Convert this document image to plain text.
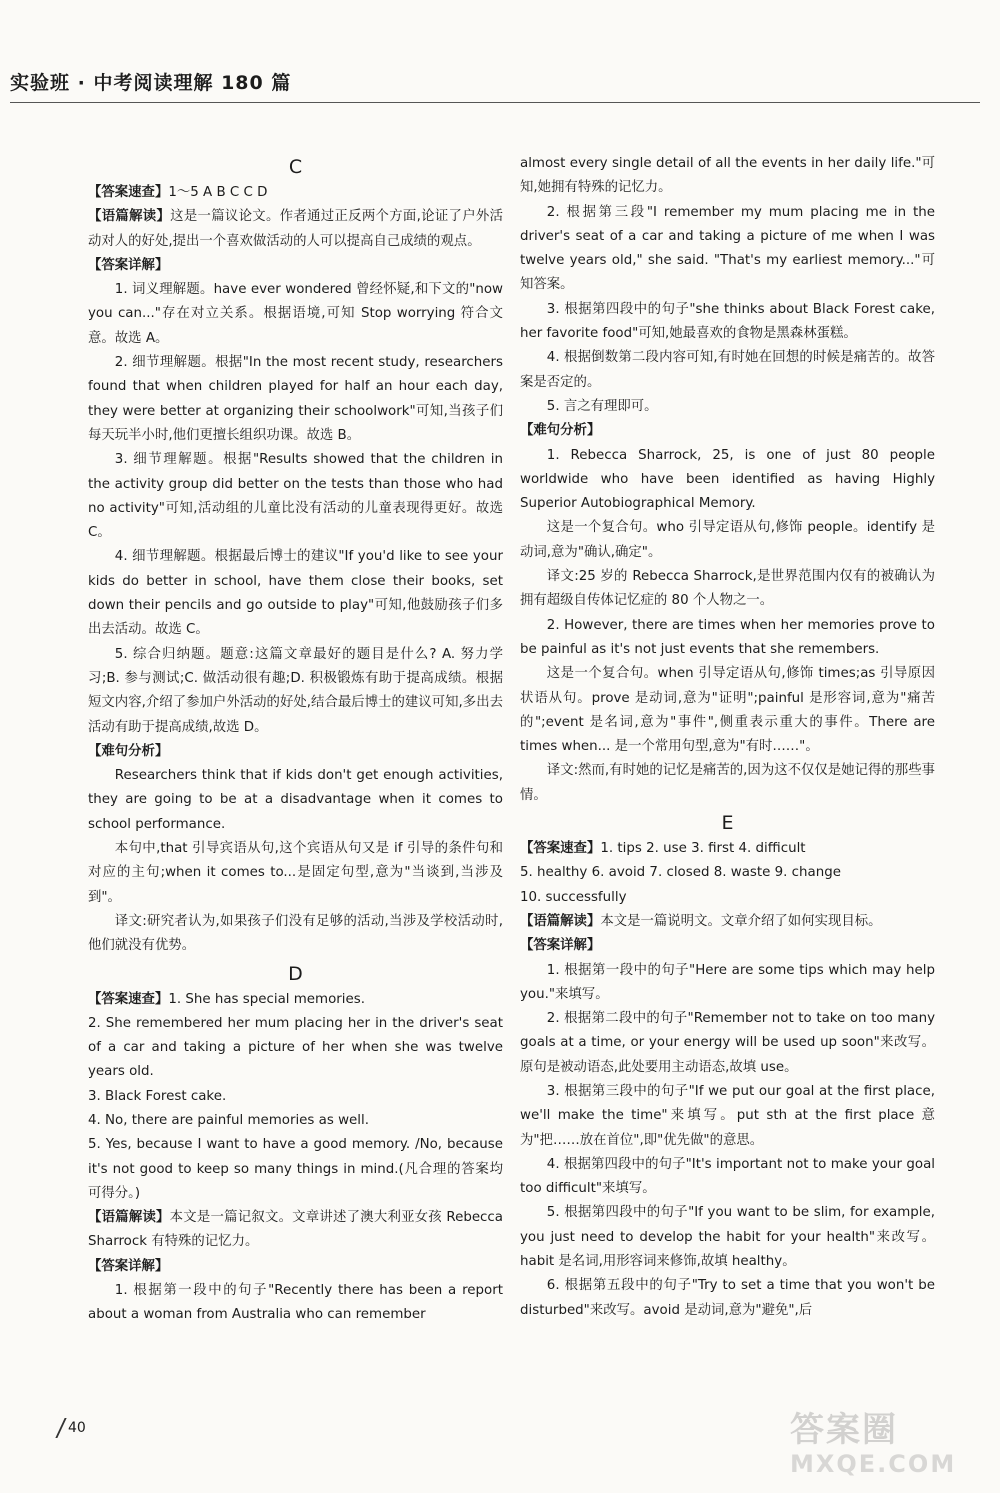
实验班 · 中考阅读理解 180 篇
C

【答案速查】1～5 A B C C D

【语篇解读】这是一篇议论文。作者通过正反两个方面,论证了户外活动对人的好处,提出一个喜欢做活动的人可以提高自己成绩的观点。

【答案详解】

1. 词义理解题。have ever wondered 曾经怀疑,和下文的"now you can..."存在对立关系。根据语境,可知 Stop worrying 符合文意。故选 A。

2. 细节理解题。根据"In the most recent study, researchers found that when children played for half an hour each day, they were better at organizing their schoolwork"可知,当孩子们每天玩半小时,他们更擅长组织功课。故选 B。

3. 细节理解题。根据"Results showed that the children in the activity group did better on the tests than those who had no activity"可知,活动组的儿童比没有活动的儿童表现得更好。故选 C。

4. 细节理解题。根据最后博士的建议"If you'd like to see your kids do better in school, have them close their books, set down their pencils and go outside to play"可知,他鼓励孩子们多出去活动。故选 C。

5. 综合归纳题。题意:这篇文章最好的题目是什么? A. 努力学习;B. 参与测试;C. 做活动很有趣;D. 积极锻炼有助于提高成绩。根据短文内容,介绍了参加户外活动的好处,结合最后博士的建议可知,多出去活动有助于提高成绩,故选 D。

【难句分析】

Researchers think that if kids don't get enough activities, they are going to be at a disadvantage when it comes to school performance.

本句中,that 引导宾语从句,这个宾语从句又是 if 引导的条件句和对应的主句;when it comes to...是固定句型,意为"当谈到,当涉及到"。

译文:研究者认为,如果孩子们没有足够的活动,当涉及学校活动时,他们就没有优势。

D

【答案速查】1. She has special memories.

2. She remembered her mum placing her in the driver's seat of a car and taking a picture of her when she was twelve years old.

3. Black Forest cake.

4. No, there are painful memories as well.

5. Yes, because I want to have a good memory. /No, because it's not good to keep so many things in mind.(凡合理的答案均可得分。)

【语篇解读】本文是一篇记叙文。文章讲述了澳大利亚女孩 Rebecca Sharrock 有特殊的记忆力。

【答案详解】

1. 根据第一段中的句子"Recently there has been a report about a woman from Australia who can remember

almost every single detail of all the events in her daily life."可知,她拥有特殊的记忆力。

2. 根据第三段"I remember my mum placing me in the driver's seat of a car and taking a picture of me when I was twelve years old," she said. "That's my earliest memory..."可知答案。

3. 根据第四段中的句子"she thinks about Black Forest cake, her favorite food"可知,她最喜欢的食物是黑森林蛋糕。

4. 根据倒数第二段内容可知,有时她在回想的时候是痛苦的。故答案是否定的。

5. 言之有理即可。

【难句分析】

1. Rebecca Sharrock, 25, is one of just 80 people worldwide who have been identified as having Highly Superior Autobiographical Memory.

这是一个复合句。who 引导定语从句,修饰 people。identify 是动词,意为"确认,确定"。

译文:25 岁的 Rebecca Sharrock,是世界范围内仅有的被确认为拥有超级自传体记忆症的 80 个人物之一。

2. However, there are times when her memories prove to be painful as it's not just events that she remembers.

这是一个复合句。when 引导定语从句,修饰 times;as 引导原因状语从句。prove 是动词,意为"证明";painful 是形容词,意为"痛苦的";event 是名词,意为"事件",侧重表示重大的事件。There are times when... 是一个常用句型,意为"有时……"。

译文:然而,有时她的记忆是痛苦的,因为这不仅仅是她记得的那些事情。

E

【答案速查】1. tips 2. use 3. first 4. difficult

5. healthy 6. avoid 7. closed 8. waste 9. change

10. successfully

【语篇解读】本文是一篇说明文。文章介绍了如何实现目标。

【答案详解】

1. 根据第一段中的句子"Here are some tips which may help you."来填写。

2. 根据第二段中的句子"Remember not to take on too many goals at a time, or your energy will be used up soon"来改写。原句是被动语态,此处要用主动语态,故填 use。

3. 根据第三段中的句子"If we put our goal at the first place, we'll make the time"来填写。put sth at the first place 意为"把……放在首位",即"优先做"的意思。

4. 根据第四段中的句子"It's important not to make your goal too difficult"来填写。

5. 根据第四段中的句子"If you want to be slim, for example, you just need to develop the habit for your health"来改写。habit 是名词,用形容词来修饰,故填 healthy。

6. 根据第五段中的句子"Try to set a time that you won't be disturbed"来改写。avoid 是动词,意为"避免",后

40	答案圈
MXQE.COM
